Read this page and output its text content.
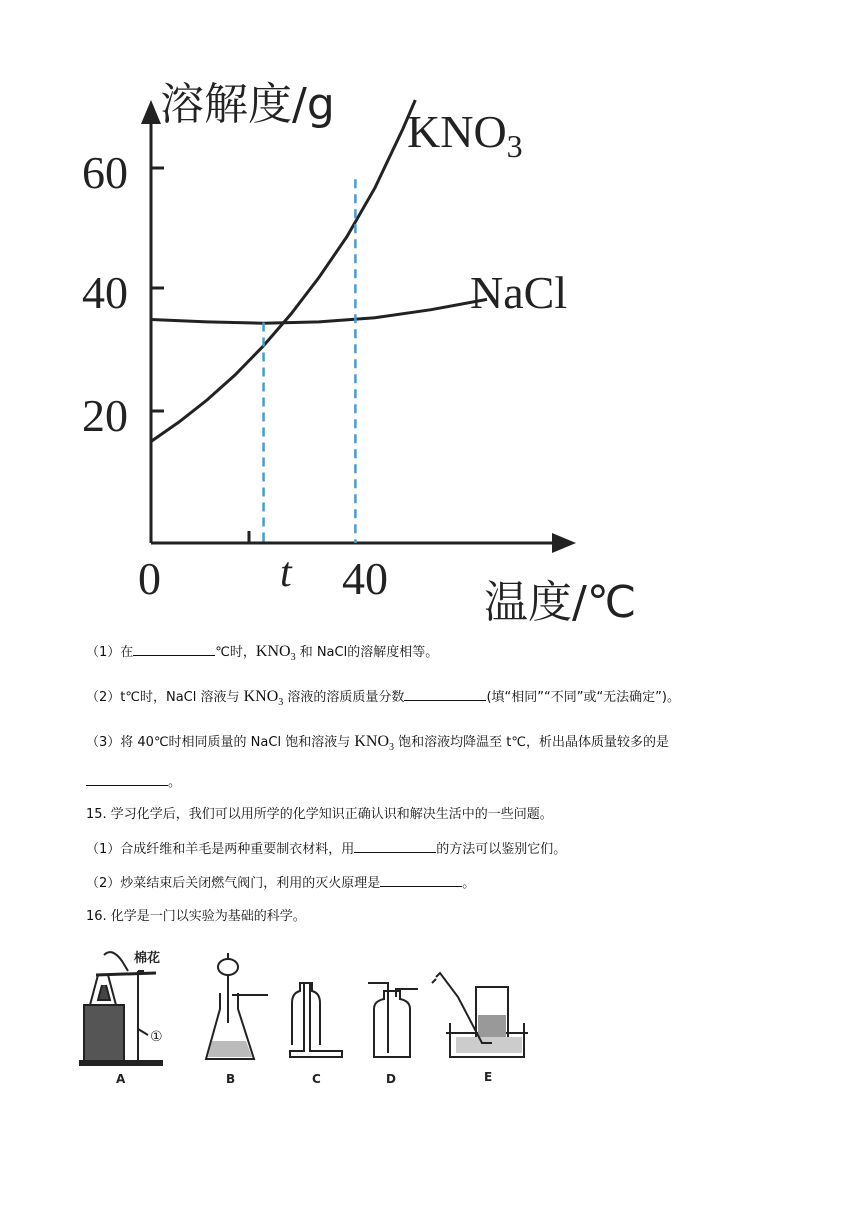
溶解度/g
温度/℃
20
40
60
0	t 40
$KNO_3$
NaCl
（1）在	℃时，$KNO_3$ 和 NaCl的溶解度相等。
（2）t℃时，NaCl 溶液与 $KNO_3$ 溶液的溶质质量分数	(填“相同”“不同”或“无法确定”)。
（3）将 40℃时相同质量的 NaCl 饱和溶液与 $KNO_3$ 饱和溶液均降温至 t℃，析出晶体质量较多的是
。
15. 学习化学后，我们可以用所学的化学知识正确认识和解决生活中的一些问题。
（1）合成纤维和羊毛是两种重要制衣材料，用	的方法可以鉴别它们。
（2）炒菜结束后关闭燃气阀门，利用的灭火原理是	。
16. 化学是一门以实验为基础的科学。
棉花
①
A	B	C	D	E
